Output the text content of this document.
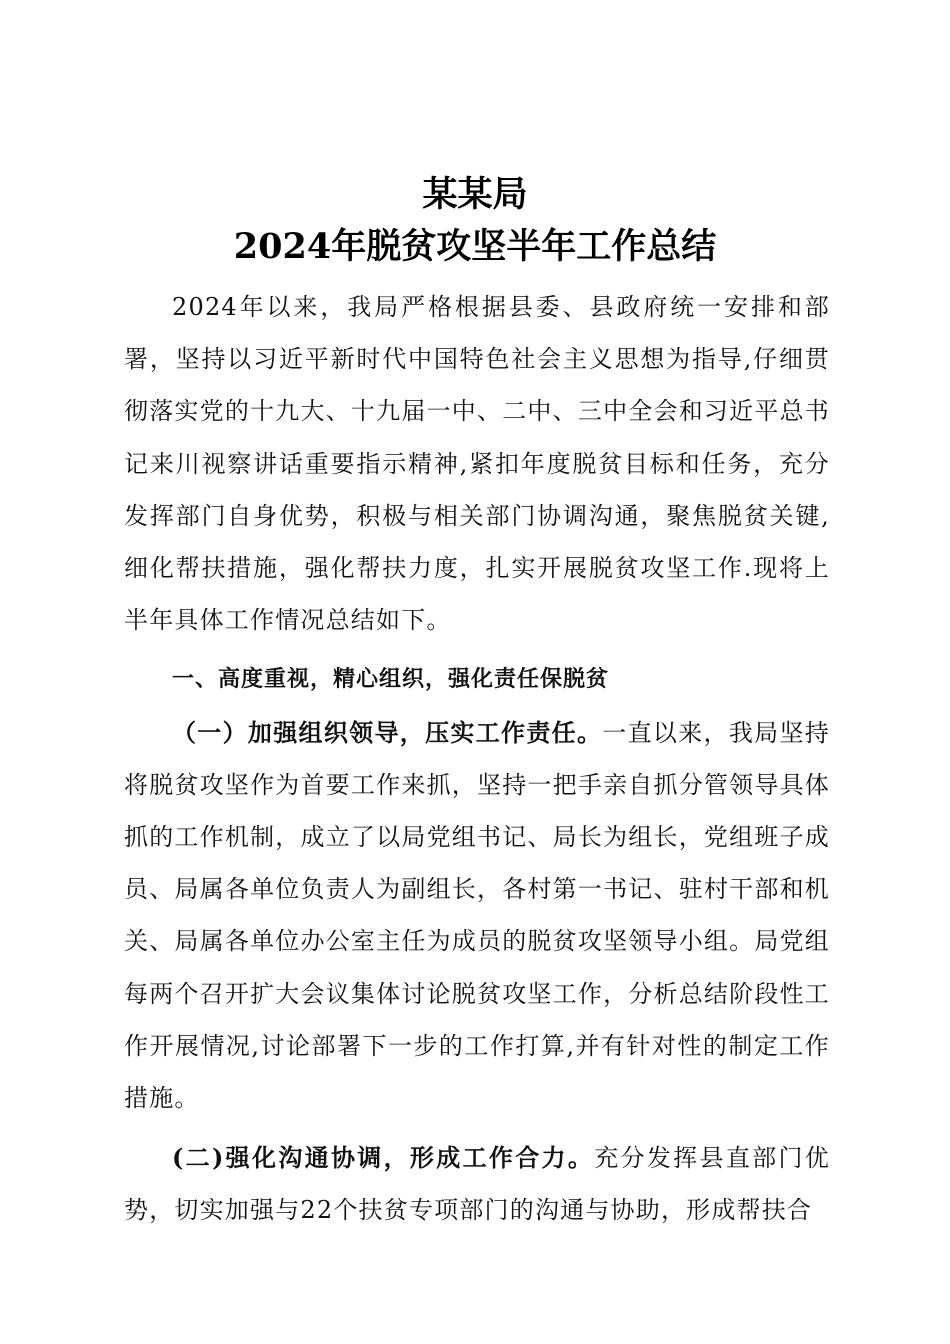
某某局
2024年脱贫攻坚半年工作总结

2024年以来，我局严格根据县委、县政府统一安排和部署，坚持以习近平新时代中国特色社会主义思想为指导,仔细贯彻落实党的十九大、十九届一中、二中、三中全会和习近平总书记来川视察讲话重要指示精神,紧扣年度脱贫目标和任务，充分发挥部门自身优势，积极与相关部门协调沟通，聚焦脱贫关键,细化帮扶措施，强化帮扶力度，扎实开展脱贫攻坚工作.现将上半年具体工作情况总结如下。

一、高度重视，精心组织，强化责任保脱贫

（一）加强组织领导，压实工作责任。一直以来，我局坚持将脱贫攻坚作为首要工作来抓，坚持一把手亲自抓分管领导具体抓的工作机制，成立了以局党组书记、局长为组长，党组班子成员、局属各单位负责人为副组长，各村第一书记、驻村干部和机关、局属各单位办公室主任为成员的脱贫攻坚领导小组。局党组每两个召开扩大会议集体讨论脱贫攻坚工作，分析总结阶段性工作开展情况,讨论部署下一步的工作打算,并有针对性的制定工作措施。

(二)强化沟通协调，形成工作合力。充分发挥县直部门优势，切实加强与22个扶贫专项部门的沟通与协助，形成帮扶合
